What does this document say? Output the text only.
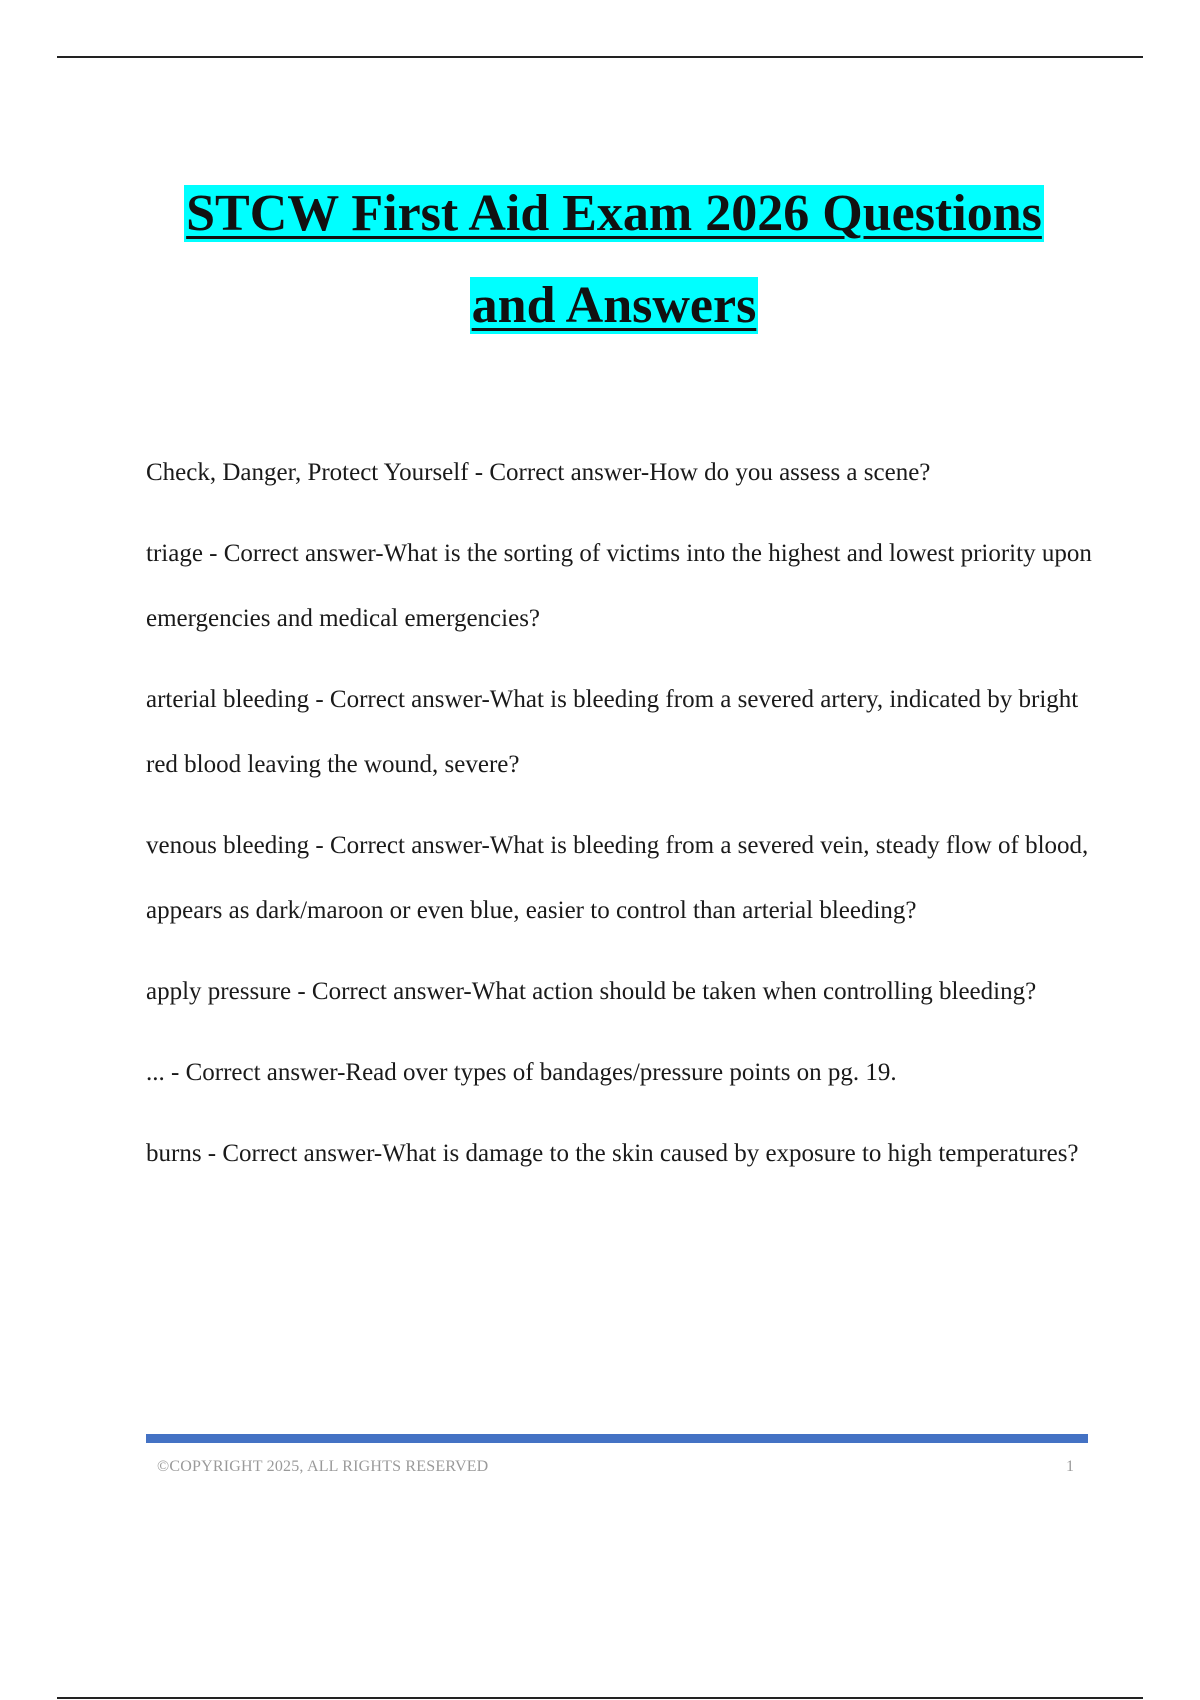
STCW First Aid Exam 2026 Questions
and Answers

Check, Danger, Protect Yourself - Correct answer-How do you assess a scene?

triage - Correct answer-What is the sorting of victims into the highest and lowest priority upon emergencies and medical emergencies?

arterial bleeding - Correct answer-What is bleeding from a severed artery, indicated by bright red blood leaving the wound, severe?

venous bleeding - Correct answer-What is bleeding from a severed vein, steady flow of blood, appears as dark/maroon or even blue, easier to control than arterial bleeding?

apply pressure - Correct answer-What action should be taken when controlling bleeding?

... - Correct answer-Read over types of bandages/pressure points on pg. 19.

burns - Correct answer-What is damage to the skin caused by exposure to high temperatures?

©COPYRIGHT 2025, ALL RIGHTS RESERVED	1
